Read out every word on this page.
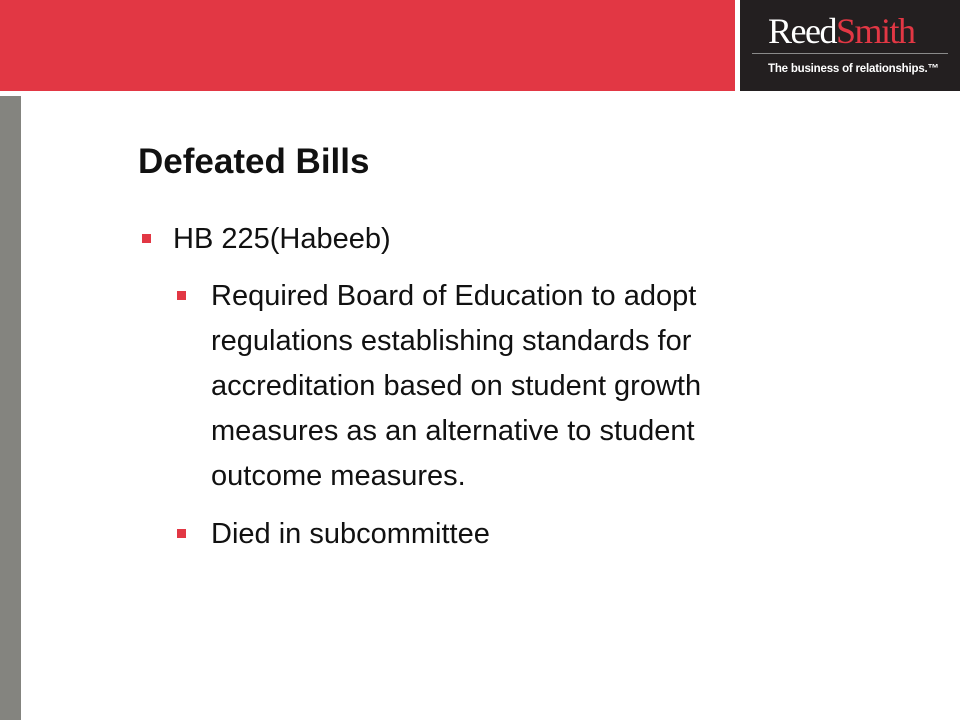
ReedSmith
The business of relationships.™
Defeated Bills
HB 225(Habeeb)
Required Board of Education to adopt
regulations establishing standards for
accreditation based on student growth
measures as an alternative to student
outcome measures.
Died in subcommittee
